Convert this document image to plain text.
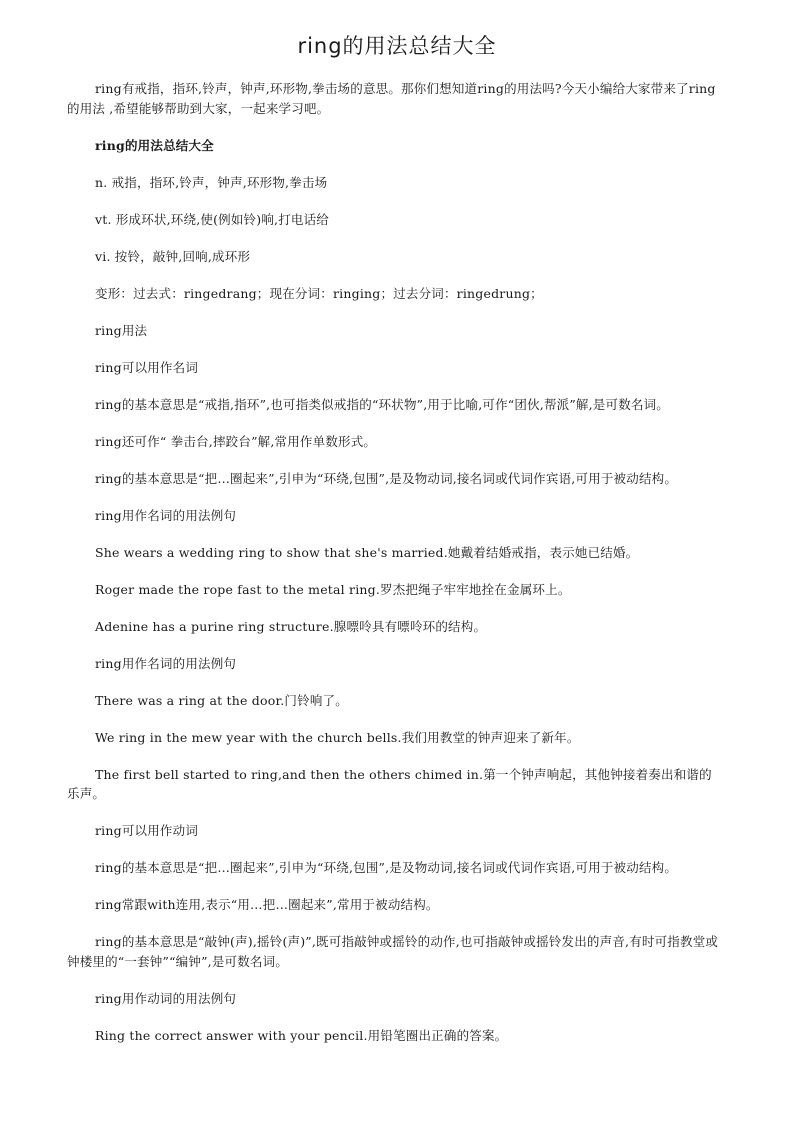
ring的用法总结大全

ring有戒指，指环,铃声，钟声,环形物,拳击场的意思。那你们想知道ring的用法吗?今天小编给大家带来了ring的用法 ,希望能够帮助到大家，一起来学习吧。

ring的用法总结大全

n. 戒指，指环,铃声，钟声,环形物,拳击场

vt. 形成环状,环绕,使(例如铃)响,打电话给

vi. 按铃，敲钟,回响,成环形

变形：过去式：ringedrang；现在分词：ringing；过去分词：ringedrung；

ring用法

ring可以用作名词

ring的基本意思是“戒指,指环”,也可指类似戒指的“环状物”,用于比喻,可作“团伙,帮派”解,是可数名词。

ring还可作“ 拳击台,摔跤台”解,常用作单数形式。

ring的基本意思是“把…圈起来”,引申为“环绕,包围”,是及物动词,接名词或代词作宾语,可用于被动结构。

ring用作名词的用法例句

She wears a wedding ring to show that she's married.她戴着结婚戒指，表示她已结婚。

Roger made the rope fast to the metal ring.罗杰把绳子牢牢地拴在金属环上。

Adenine has a purine ring structure.腺嘌呤具有嘌呤环的结构。

ring用作名词的用法例句

There was a ring at the door.门铃响了。

We ring in the mew year with the church bells.我们用教堂的钟声迎来了新年。

The first bell started to ring,and then the others chimed in.第一个钟声响起，其他钟接着奏出和谐的乐声。

ring可以用作动词

ring的基本意思是“把…圈起来”,引申为“环绕,包围”,是及物动词,接名词或代词作宾语,可用于被动结构。

ring常跟with连用,表示“用…把…圈起来”,常用于被动结构。

ring的基本意思是“敲钟(声),摇铃(声)”,既可指敲钟或摇铃的动作,也可指敲钟或摇铃发出的声音,有时可指教堂或钟楼里的“一套钟”“编钟”,是可数名词。

ring用作动词的用法例句

Ring the correct answer with your pencil.用铅笔圈出正确的答案。
